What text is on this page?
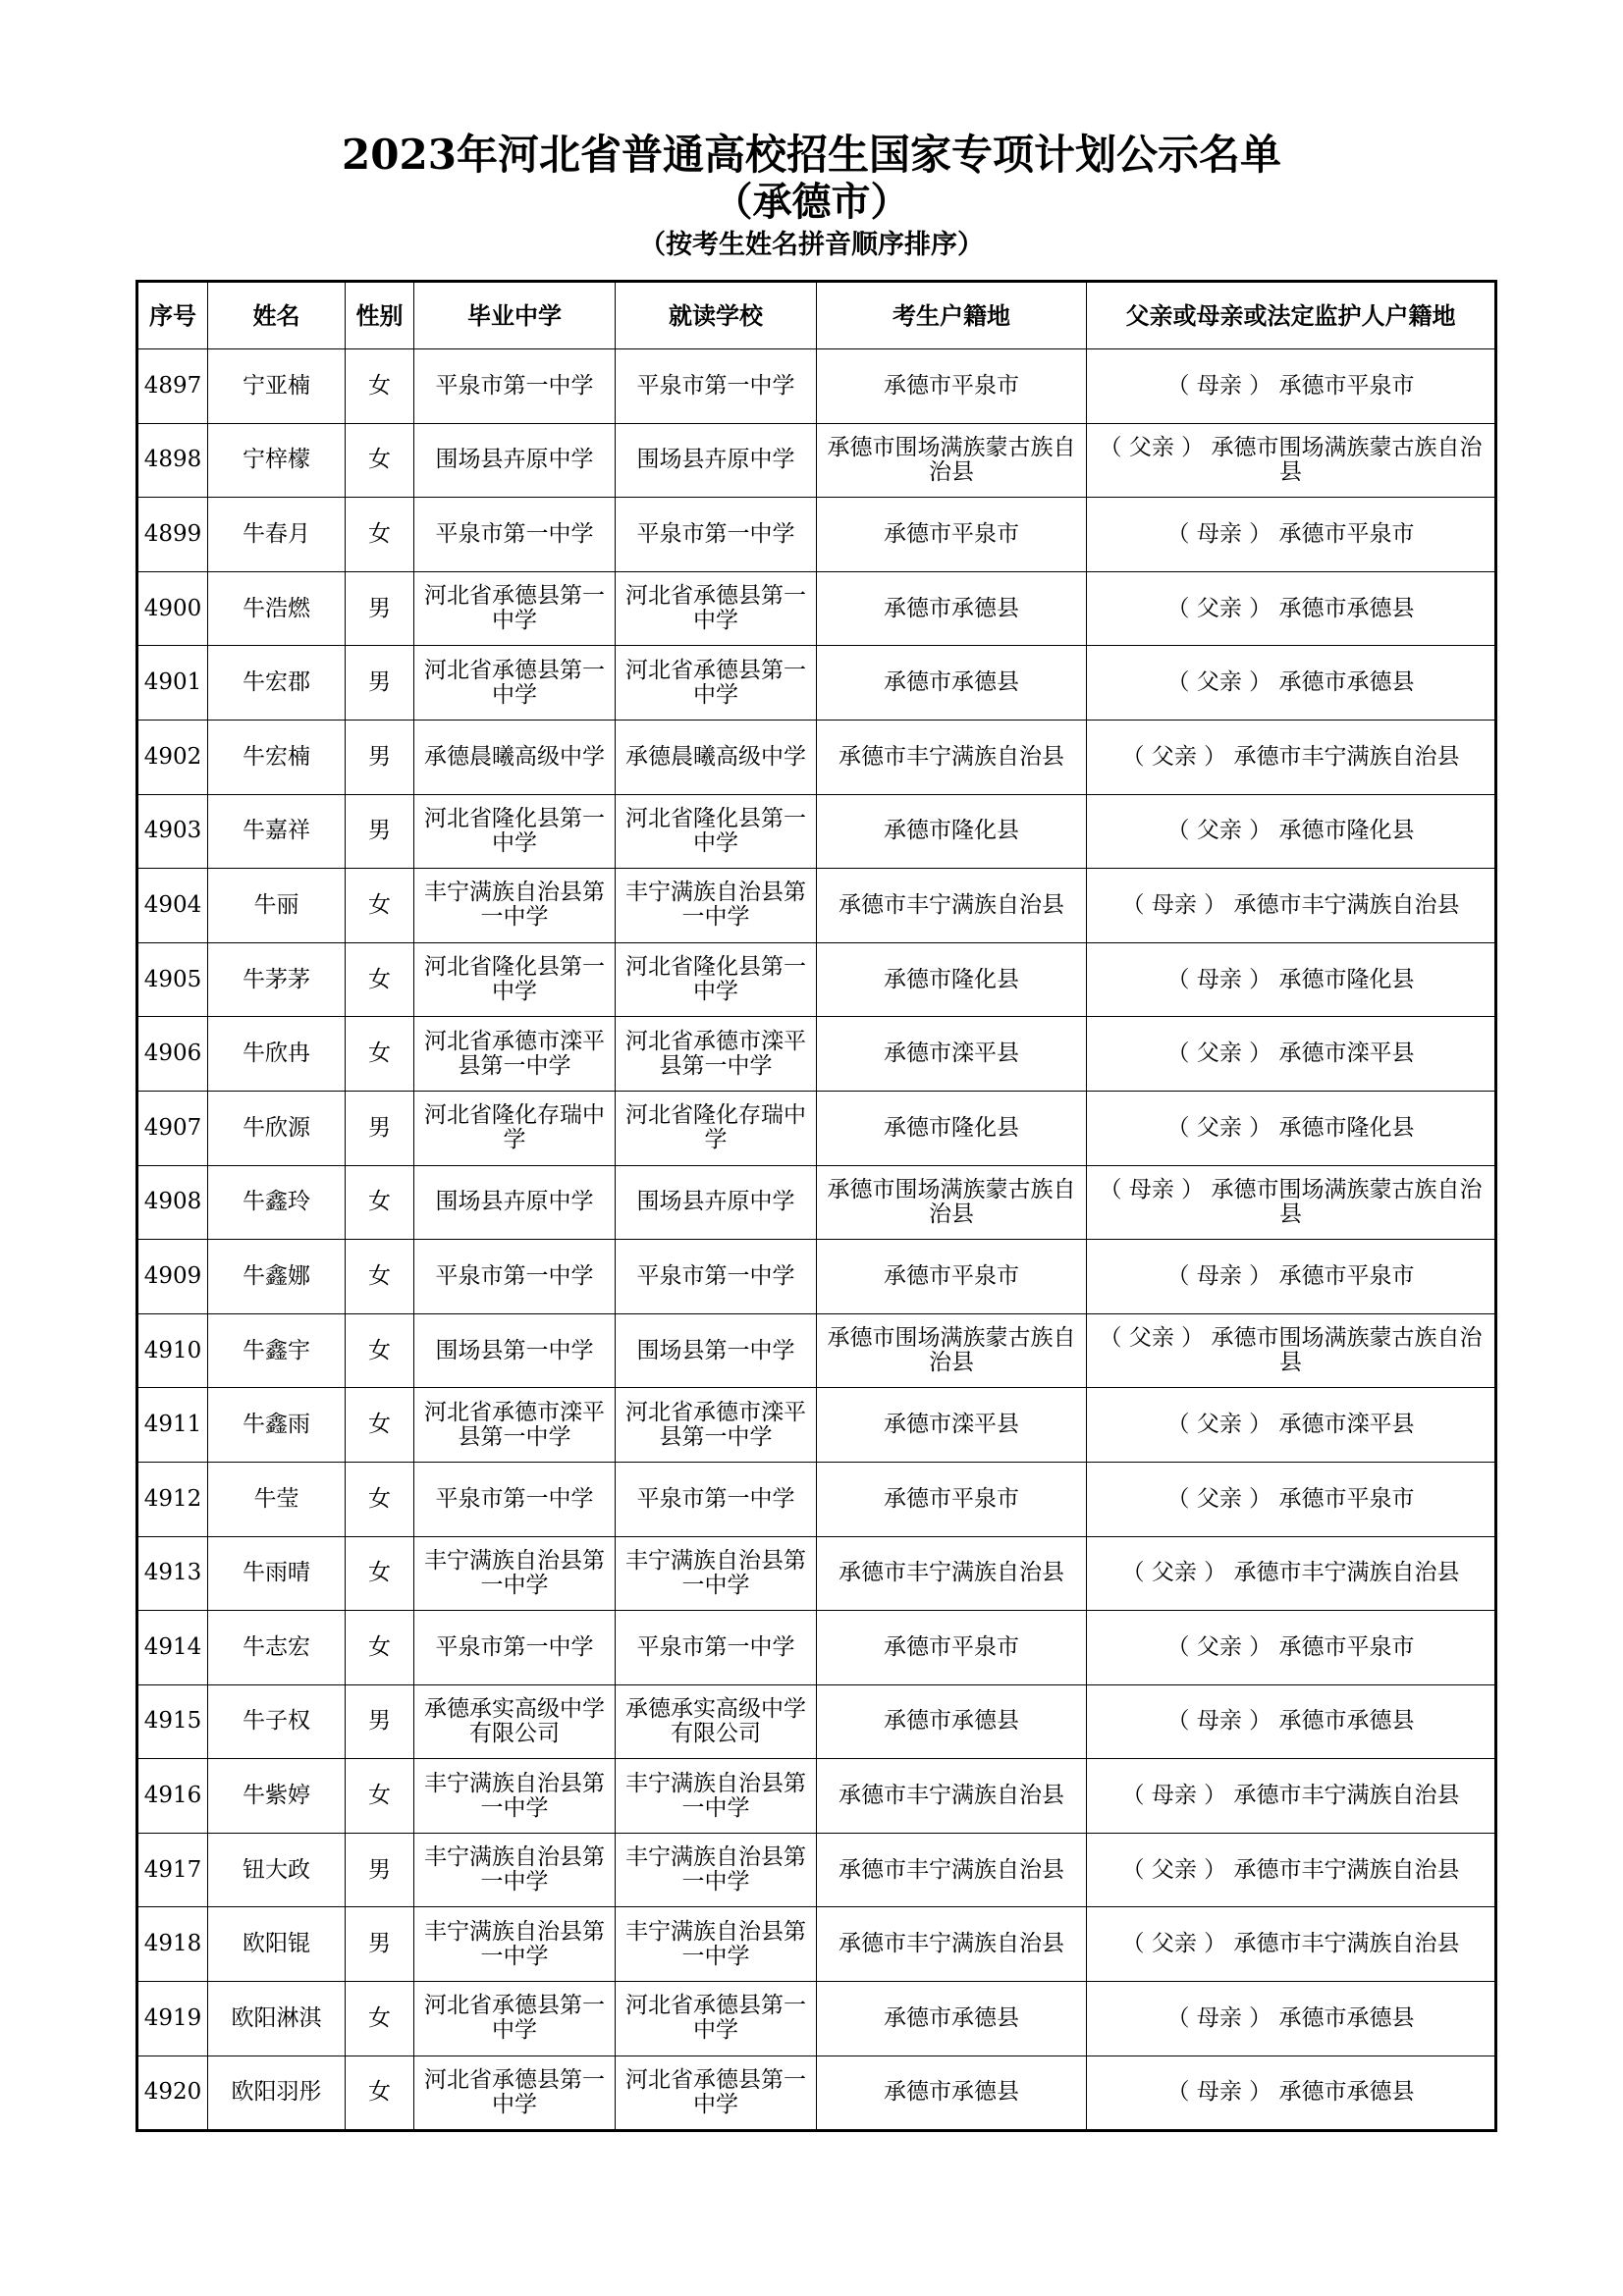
2023年河北省普通高校招生国家专项计划公示名单
（承德市）
（按考生姓名拼音顺序排序）
序号	姓名	性别	毕业中学	就读学校	考生户籍地	父亲或母亲或法定监护人户籍地
4897	宁亚楠	女	平泉市第一中学	平泉市第一中学	承德市平泉市	（ 母亲 ） 承德市平泉市
4898	宁梓檬	女	围场县卉原中学	围场县卉原中学	承德市围场满族蒙古族自治县	（ 父亲 ） 承德市围场满族蒙古族自治县
4899	牛春月	女	平泉市第一中学	平泉市第一中学	承德市平泉市	（ 母亲 ） 承德市平泉市
4900	牛浩燃	男	河北省承德县第一中学	河北省承德县第一中学	承德市承德县	（ 父亲 ） 承德市承德县
4901	牛宏郡	男	河北省承德县第一中学	河北省承德县第一中学	承德市承德县	（ 父亲 ） 承德市承德县
4902	牛宏楠	男	承德晨曦高级中学	承德晨曦高级中学	承德市丰宁满族自治县	（ 父亲 ） 承德市丰宁满族自治县
4903	牛嘉祥	男	河北省隆化县第一中学	河北省隆化县第一中学	承德市隆化县	（ 父亲 ） 承德市隆化县
4904	牛丽	女	丰宁满族自治县第一中学	丰宁满族自治县第一中学	承德市丰宁满族自治县	（ 母亲 ） 承德市丰宁满族自治县
4905	牛茅茅	女	河北省隆化县第一中学	河北省隆化县第一中学	承德市隆化县	（ 母亲 ） 承德市隆化县
4906	牛欣冉	女	河北省承德市滦平县第一中学	河北省承德市滦平县第一中学	承德市滦平县	（ 父亲 ） 承德市滦平县
4907	牛欣源	男	河北省隆化存瑞中学	河北省隆化存瑞中学	承德市隆化县	（ 父亲 ） 承德市隆化县
4908	牛鑫玲	女	围场县卉原中学	围场县卉原中学	承德市围场满族蒙古族自治县	（ 母亲 ） 承德市围场满族蒙古族自治县
4909	牛鑫娜	女	平泉市第一中学	平泉市第一中学	承德市平泉市	（ 母亲 ） 承德市平泉市
4910	牛鑫宇	女	围场县第一中学	围场县第一中学	承德市围场满族蒙古族自治县	（ 父亲 ） 承德市围场满族蒙古族自治县
4911	牛鑫雨	女	河北省承德市滦平县第一中学	河北省承德市滦平县第一中学	承德市滦平县	（ 父亲 ） 承德市滦平县
4912	牛莹	女	平泉市第一中学	平泉市第一中学	承德市平泉市	（ 父亲 ） 承德市平泉市
4913	牛雨晴	女	丰宁满族自治县第一中学	丰宁满族自治县第一中学	承德市丰宁满族自治县	（ 父亲 ） 承德市丰宁满族自治县
4914	牛志宏	女	平泉市第一中学	平泉市第一中学	承德市平泉市	（ 父亲 ） 承德市平泉市
4915	牛子权	男	承德承实高级中学有限公司	承德承实高级中学有限公司	承德市承德县	（ 母亲 ） 承德市承德县
4916	牛紫婷	女	丰宁满族自治县第一中学	丰宁满族自治县第一中学	承德市丰宁满族自治县	（ 母亲 ） 承德市丰宁满族自治县
4917	钮大政	男	丰宁满族自治县第一中学	丰宁满族自治县第一中学	承德市丰宁满族自治县	（ 父亲 ） 承德市丰宁满族自治县
4918	欧阳锟	男	丰宁满族自治县第一中学	丰宁满族自治县第一中学	承德市丰宁满族自治县	（ 父亲 ） 承德市丰宁满族自治县
4919	欧阳淋淇	女	河北省承德县第一中学	河北省承德县第一中学	承德市承德县	（ 母亲 ） 承德市承德县
4920	欧阳羽彤	女	河北省承德县第一中学	河北省承德县第一中学	承德市承德县	（ 母亲 ） 承德市承德县
